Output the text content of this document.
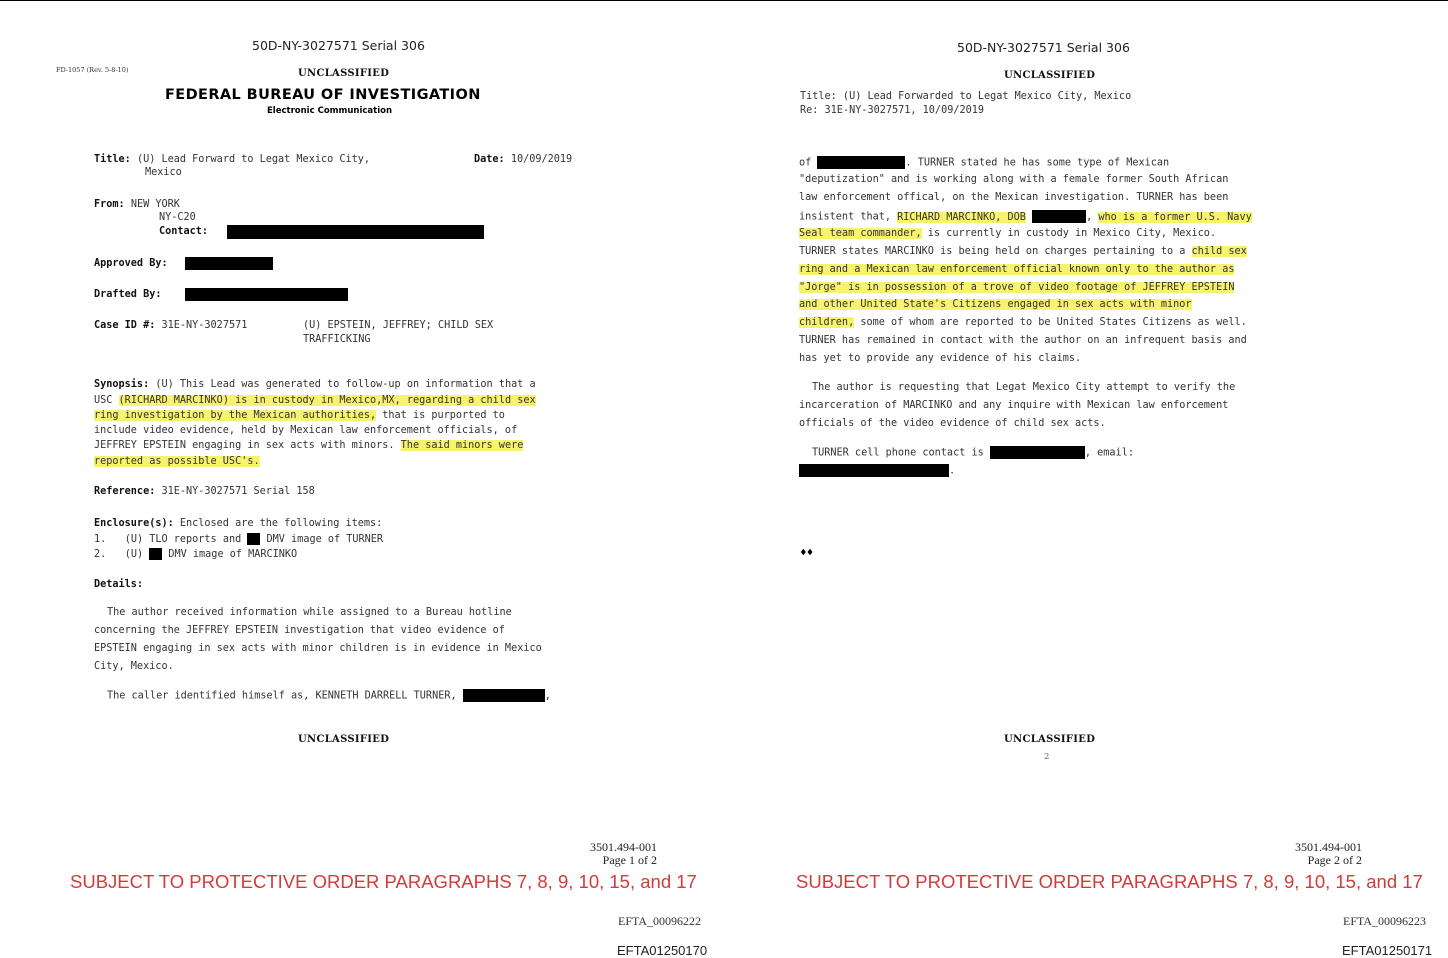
50D-NY-3027571 Serial 306
FD-1057 (Rev. 5-8-10)	UNCLASSIFIED
FEDERAL BUREAU OF INVESTIGATION
Electronic Communication
Title: (U) Lead Forward to Legat Mexico City,
Mexico
Date: 10/09/2019
From: NEW YORK
NY-C20
Contact:
Approved By:
Drafted By:
Case ID #: 31E-NY-3027571	(U) EPSTEIN, JEFFREY; CHILD SEX
TRAFFICKING
Synopsis: (U) This Lead was generated to follow-up on information that a
USC (RICHARD MARCINKO) is in custody in Mexico,MX, regarding a child sex
ring investigation by the Mexican authorities, that is purported to
include video evidence, held by Mexican law enforcement officials, of
JEFFREY EPSTEIN engaging in sex acts with minors. The said minors were
reported as possible USC's.
Reference: 31E-NY-3027571 Serial 158
Enclosure(s): Enclosed are the following items:
1. (U) TLO reports and DMV image of TURNER
2. (U) DMV image of MARCINKO
Details:
The author received information while assigned to a Bureau hotline
concerning the JEFFREY EPSTEIN investigation that video evidence of
EPSTEIN engaging in sex acts with minor children is in evidence in Mexico
City, Mexico.
The caller identified himself as, KENNETH DARRELL TURNER,	,
UNCLASSIFIED
3501.494-001
Page 1 of 2
SUBJECT TO PROTECTIVE ORDER PARAGRAPHS 7, 8, 9, 10, 15, and 17
EFTA_00096222
EFTA01250170
50D-NY-3027571 Serial 306
UNCLASSIFIED
Title: (U) Lead Forwarded to Legat Mexico City, Mexico
Re: 31E-NY-3027571, 10/09/2019
of	. TURNER stated he has some type of Mexican
"deputization" and is working along with a female former South African
law enforcement offical, on the Mexican investigation. TURNER has been
insistent that, RICHARD MARCINKO, DOB	, who is a former U.S. Navy
Seal team commander, is currently in custody in Mexico City, Mexico.
TURNER states MARCINKO is being held on charges pertaining to a child sex
ring and a Mexican law enforcement official known only to the author as
"Jorge" is in possession of a trove of video footage of JEFFREY EPSTEIN
and other United State's Citizens engaged in sex acts with minor
children, some of whom are reported to be United States Citizens as well.
TURNER has remained in contact with the author on an infrequent basis and
has yet to provide any evidence of his claims.
The author is requesting that Legat Mexico City attempt to verify the
incarceration of MARCINKO and any inquire with Mexican law enforcement
officials of the video evidence of child sex acts.
TURNER cell phone contact is	, email:
.
♦♦
UNCLASSIFIED
2
3501.494-001
Page 2 of 2
SUBJECT TO PROTECTIVE ORDER PARAGRAPHS 7, 8, 9, 10, 15, and 17
EFTA_00096223
EFTA01250171
